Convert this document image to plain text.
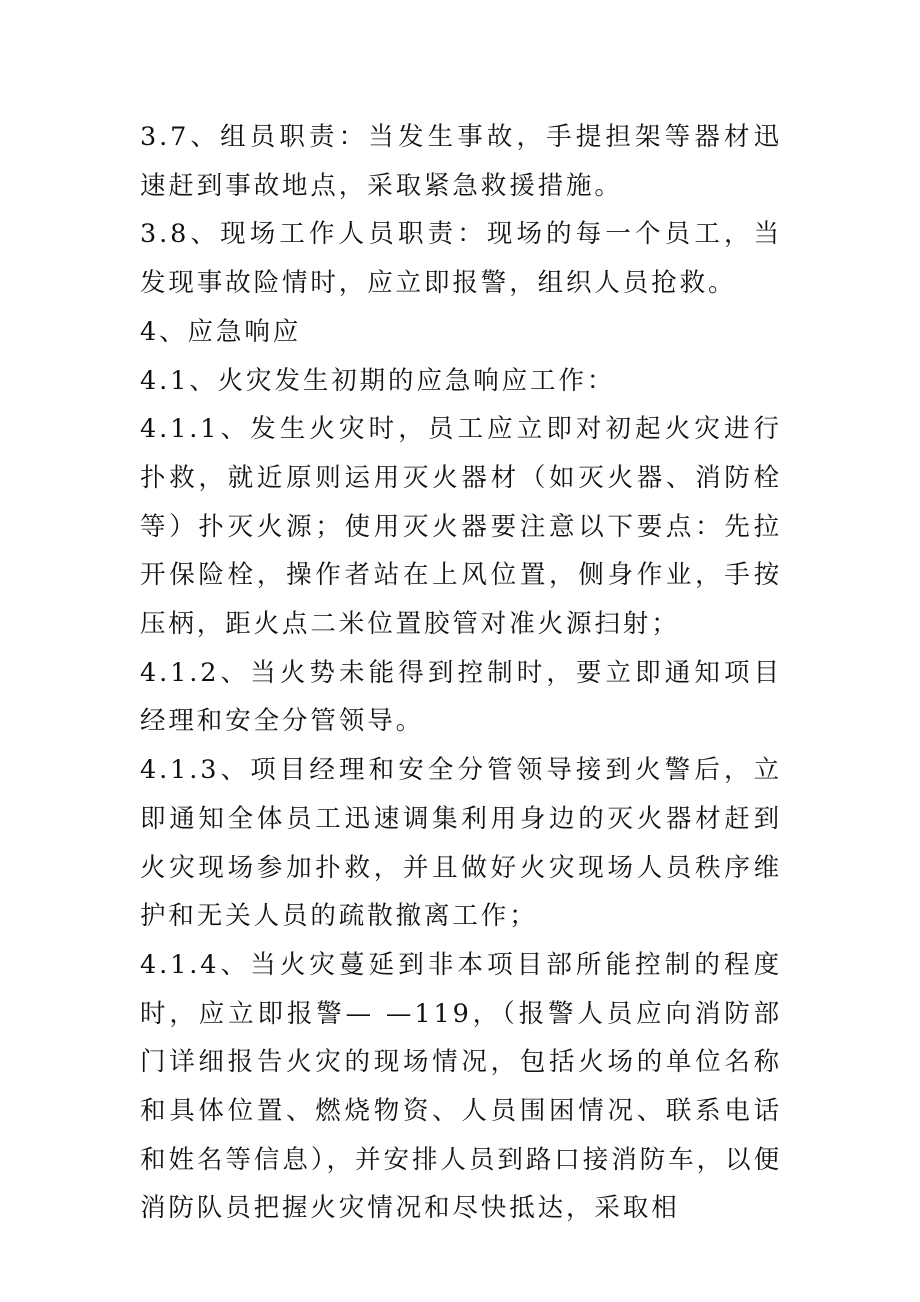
3.7、组员职责：当发生事故，手提担架等器材迅速赶到事故地点，采取紧急救援措施。

3.8、现场工作人员职责：现场的每一个员工，当发现事故险情时，应立即报警，组织人员抢救。

4、应急响应

4.1、火灾发生初期的应急响应工作：

4.1.1、发生火灾时，员工应立即对初起火灾进行扑救，就近原则运用灭火器材（如灭火器、消防栓等）扑灭火源；使用灭火器要注意以下要点：先拉开保险栓，操作者站在上风位置，侧身作业，手按压柄，距火点二米位置胶管对准火源扫射；

4.1.2、当火势未能得到控制时，要立即通知项目经理和安全分管领导。

4.1.3、项目经理和安全分管领导接到火警后，立即通知全体员工迅速调集利用身边的灭火器材赶到火灾现场参加扑救，并且做好火灾现场人员秩序维护和无关人员的疏散撤离工作；

4.1.4、当火灾蔓延到非本项目部所能控制的程度时，应立即报警— —119，（报警人员应向消防部门详细报告火灾的现场情况，包括火场的单位名称和具体位置、燃烧物资、人员围困情况、联系电话和姓名等信息），并安排人员到路口接消防车，以便消防队员把握火灾情况和尽快抵达，采取相
